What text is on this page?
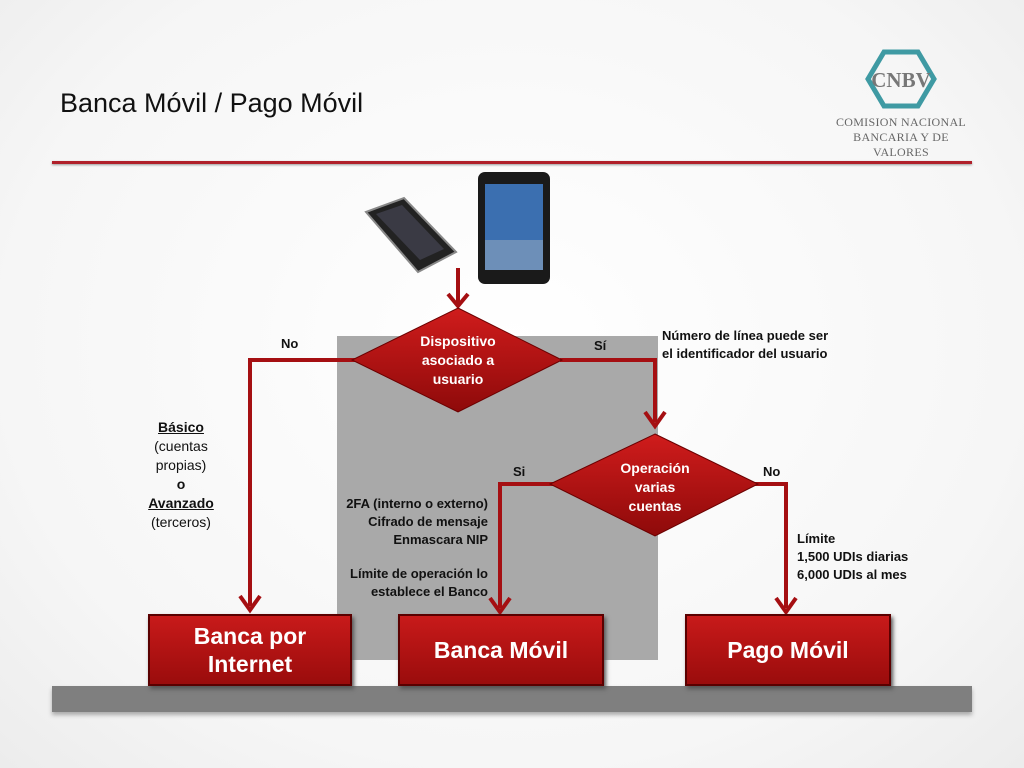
Banca Móvil / Pago Móvil
CNBV
COMISION NACIONAL
BANCARIA Y DE VALORES
Dispositivo
asociado a
usuario
Operación
varias
cuentas
No	Sí
Si	No
Número de línea puede ser
el identificador del usuario
Básico
(cuentas
propias)
o
Avanzado
(terceros)
2FA (interno o externo)
Cifrado de mensaje
Enmascara NIP
Límite de operación lo
establece el Banco
Límite
1,500 UDIs diarias
6,000 UDIs al mes
Banca por
Internet
Banca Móvil	Pago Móvil
